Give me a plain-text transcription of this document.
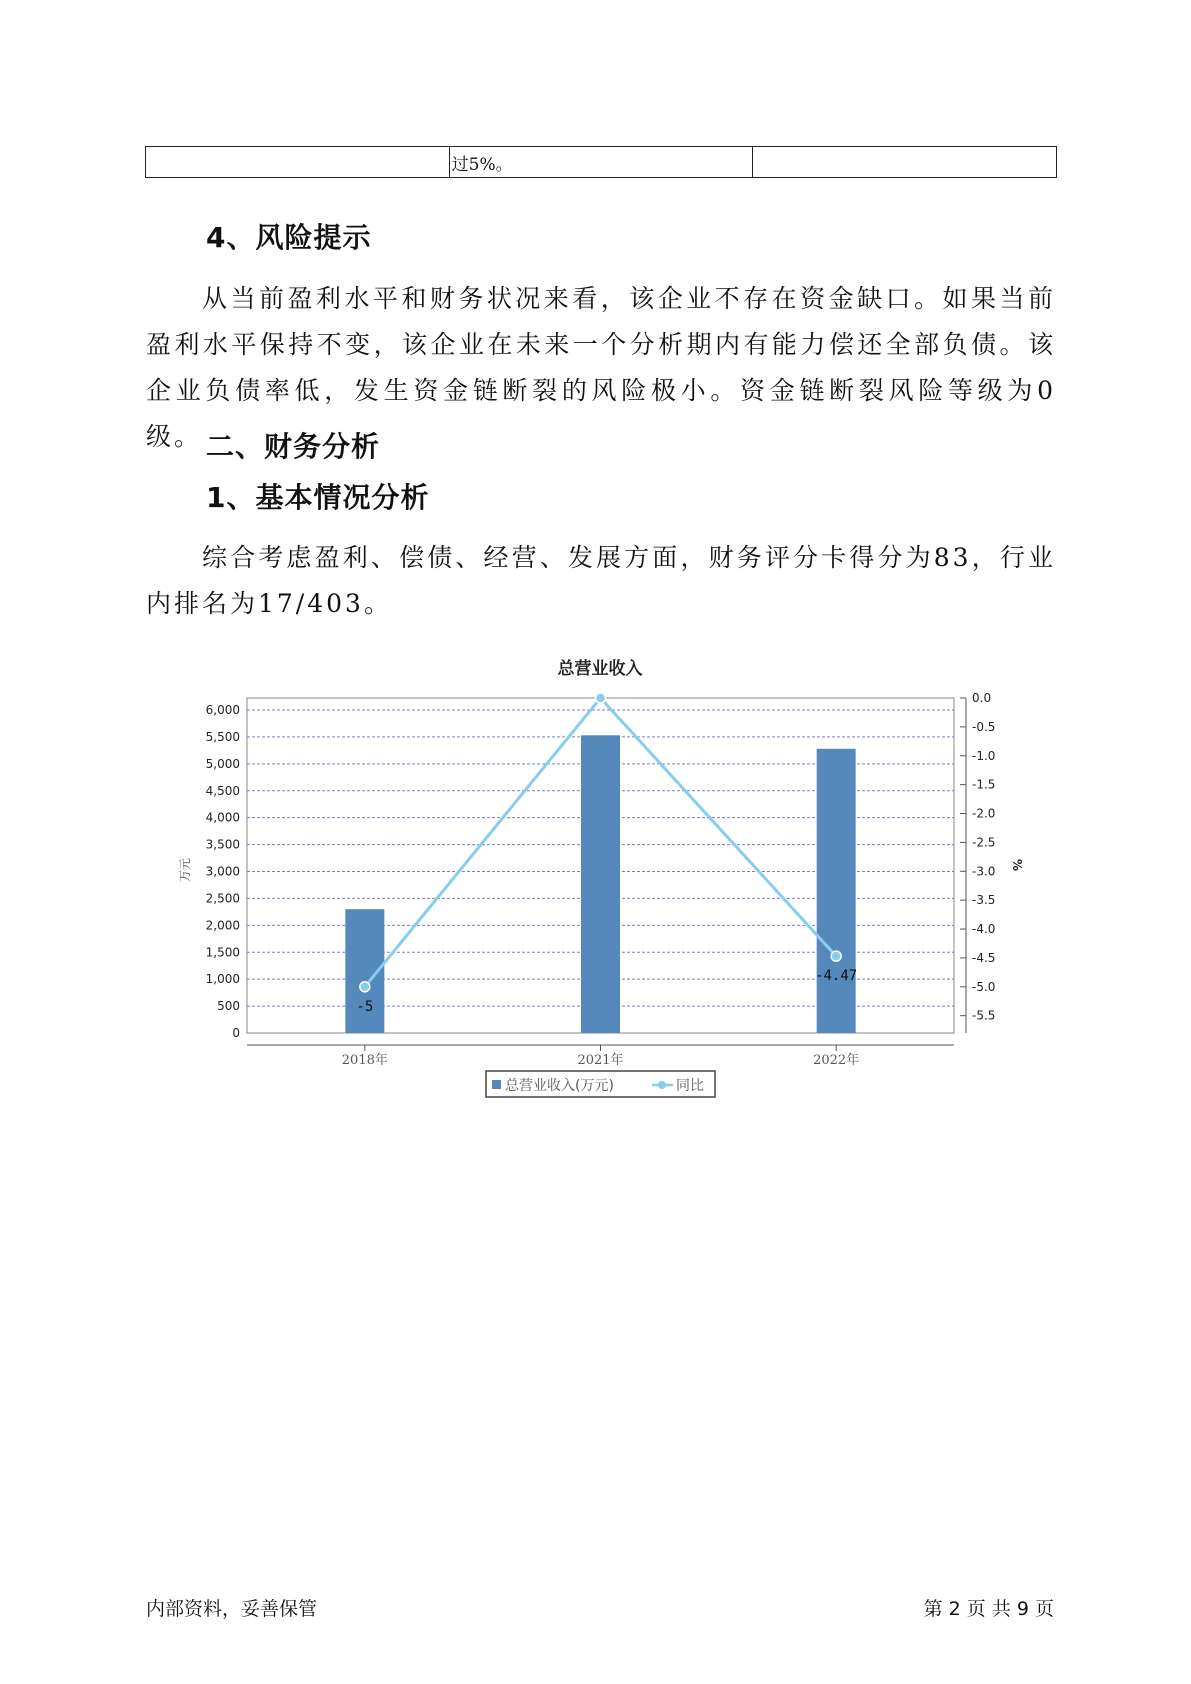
	过5%。	
4、风险提示

从当前盈利水平和财务状况来看，该企业不存在资金缺口。如果当前盈利水平保持不变，该企业在未来一个分析期内有能力偿还全部负债。该企业负债率低，发生资金链断裂的风险极小。资金链断裂风险等级为0级。 二、财务分析
1、基本情况分析

综合考虑盈利、偿债、经营、发展方面，财务评分卡得分为83，行业内排名为17/403。

总营业收入
0
500
1,000
1,500
2,000
2,500
3,000
3,500
4,000
4,500
5,000
5,500
6,000
0.0
-0.5
-1.0
-1.5
-2.0
-2.5
-3.0
-3.5
-4.0
-4.5
-5.0
-5.5
-5
-4.47
2018年	2021年	2022年
万元	%
总营业收入(万元)	同比
内部资料，妥善保管	第 2 页 共 9 页
